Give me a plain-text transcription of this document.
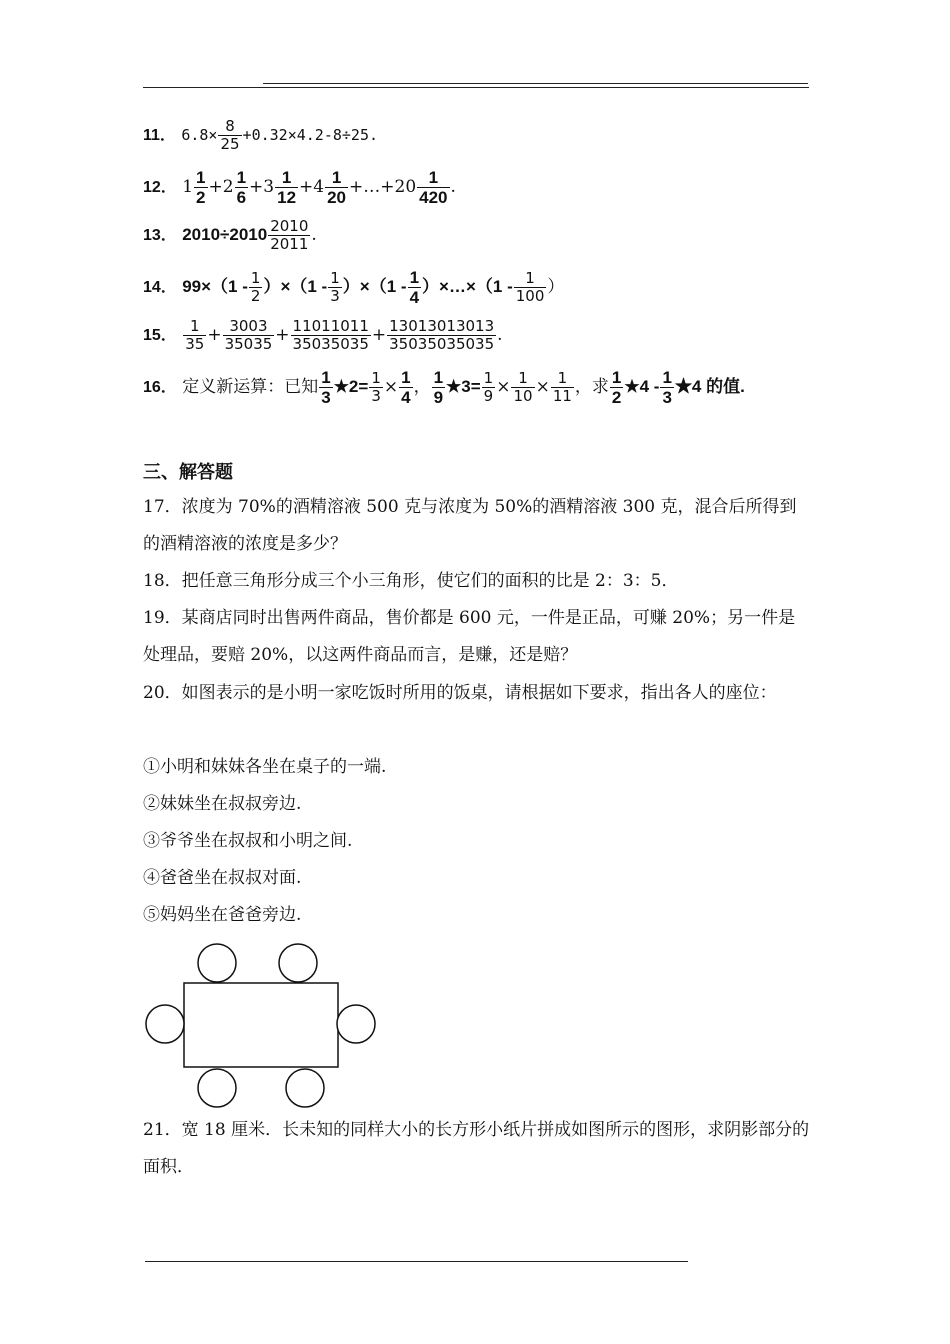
11． $6.8\times \frac{8}{25} +0.32\times 4.2-8\div 25$.
12． $1 \frac{1}{2} +2 \frac{1}{6} +3 \frac{1}{12} +4 \frac{1}{20}$ +…+20 $\frac{1}{420}$ .
13． $2010\div 2010 \frac{2010}{2011}$ .
14． $99\times(1 - \frac{1}{2} )\times(1 - \frac{1}{3} )\times(1 - \frac{1}{4}$ ）×…×（1 - $\frac{1}{100}$ ）
15． $\frac{1}{35} + \frac{3003}{35035} + \frac{11011011}{35035035} + \frac{13013013013}{35035035035}$ .
16． 定义新运算：已知 $\frac{1}{3}$ ★2= $\frac{1}{3} \times \frac{1}{4}$ ， $\frac{1}{9}$ ★3= $\frac{1}{9} \times \frac{1}{10} \times \frac{1}{11}$ ，求 $\frac{1}{2}$ ★4 - $\frac{1}{3}$ ★4 的值.
三、解答题
17．浓度为 70%的酒精溶液 500 克与浓度为 50%的酒精溶液 300 克，混合后所得到的酒精溶液的浓度是多少？
18．把任意三角形分成三个小三角形，使它们的面积的比是 2：3：5．
19．某商店同时出售两件商品，售价都是 600 元，一件是正品，可赚 20%；另一件是处理品，要赔 20%，以这两件商品而言，是赚，还是赔？
20．如图表示的是小明一家吃饭时所用的饭桌，请根据如下要求，指出各人的座位：
①小明和妹妹各坐在桌子的一端.
②妹妹坐在叔叔旁边.
③爷爷坐在叔叔和小明之间.
④爸爸坐在叔叔对面.
⑤妈妈坐在爸爸旁边.
21．宽 18 厘米．长未知的同样大小的长方形小纸片拼成如图所示的图形，求阴影部分的面积．
